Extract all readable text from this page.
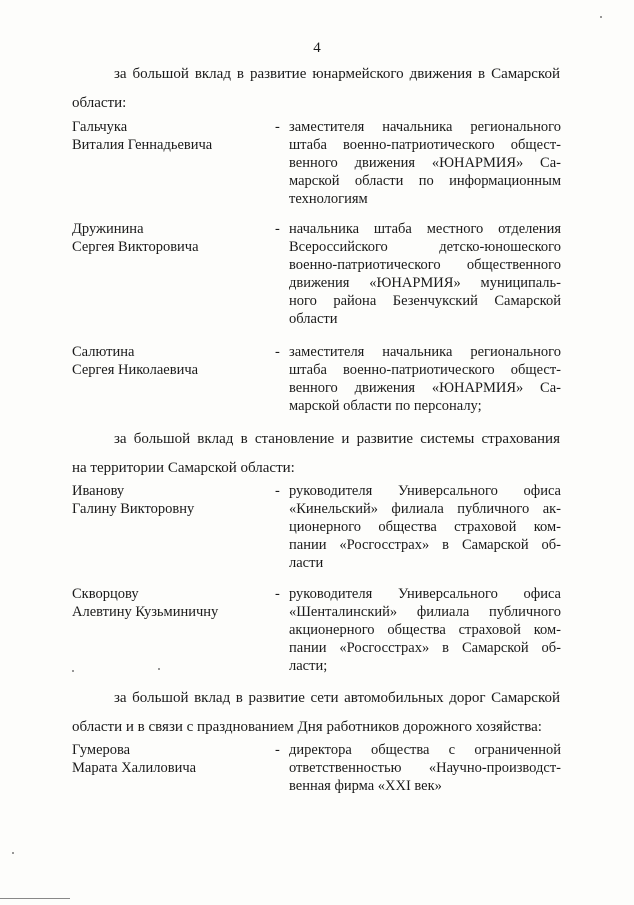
4
за большой вклад в развитие юнармейского движения в Самарской
области:
Гальчука
Виталия Геннадьевича
- заместителя начальника регионального
штаба военно-патриотического общест-
венного движения «ЮНАРМИЯ» Са-
марской области по информационным
технологиям
Дружинина
Сергея Викторовича
- начальника штаба местного отделения
Всероссийского детско-юношеского
военно-патриотического общественного
движения «ЮНАРМИЯ» муниципаль-
ного района Безенчукский Самарской
области
Салютина
Сергея Николаевича
- заместителя начальника регионального
штаба военно-патриотического общест-
венного движения «ЮНАРМИЯ» Са-
марской области по персоналу;
за большой вклад в становление и развитие системы страхования
на территории Самарской области:
Иванову
Галину Викторовну
- руководителя Универсального офиса
«Кинельский» филиала публичного ак-
ционерного общества страховой ком-
пании «Росгосстрах» в Самарской об-
ласти
Скворцову
Алевтину Кузьминичну
- руководителя Универсального офиса
«Шенталинский» филиала публичного
акционерного общества страховой ком-
пании «Росгосстрах» в Самарской об-
ласти;
за большой вклад в развитие сети автомобильных дорог Самарской
области и в связи с празднованием Дня работников дорожного хозяйства:
Гумерова
Марата Халиловича
- директора общества с ограниченной
ответственностью «Научно-производст-
венная фирма «XXI век»
